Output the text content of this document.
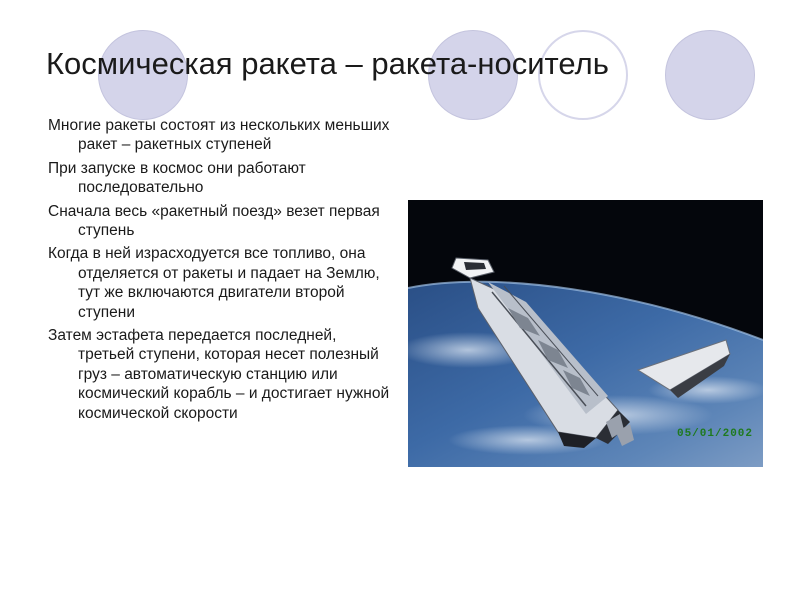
Космическая ракета – ракета-носитель
Многие ракеты состоят из нескольких меньших ракет – ракетных ступеней
При запуске в космос они работают последовательно
Сначала весь «ракетный поезд» везет первая ступень
Когда в ней израсходуется все топливо, она отделяется от ракеты и падает на Землю, тут же включаются двигатели второй ступени
Затем эстафета передается последней, третьей ступени, которая несет полезный груз – автоматическую станцию или космический корабль – и достигает нужной космической скорости
05/01/2002
